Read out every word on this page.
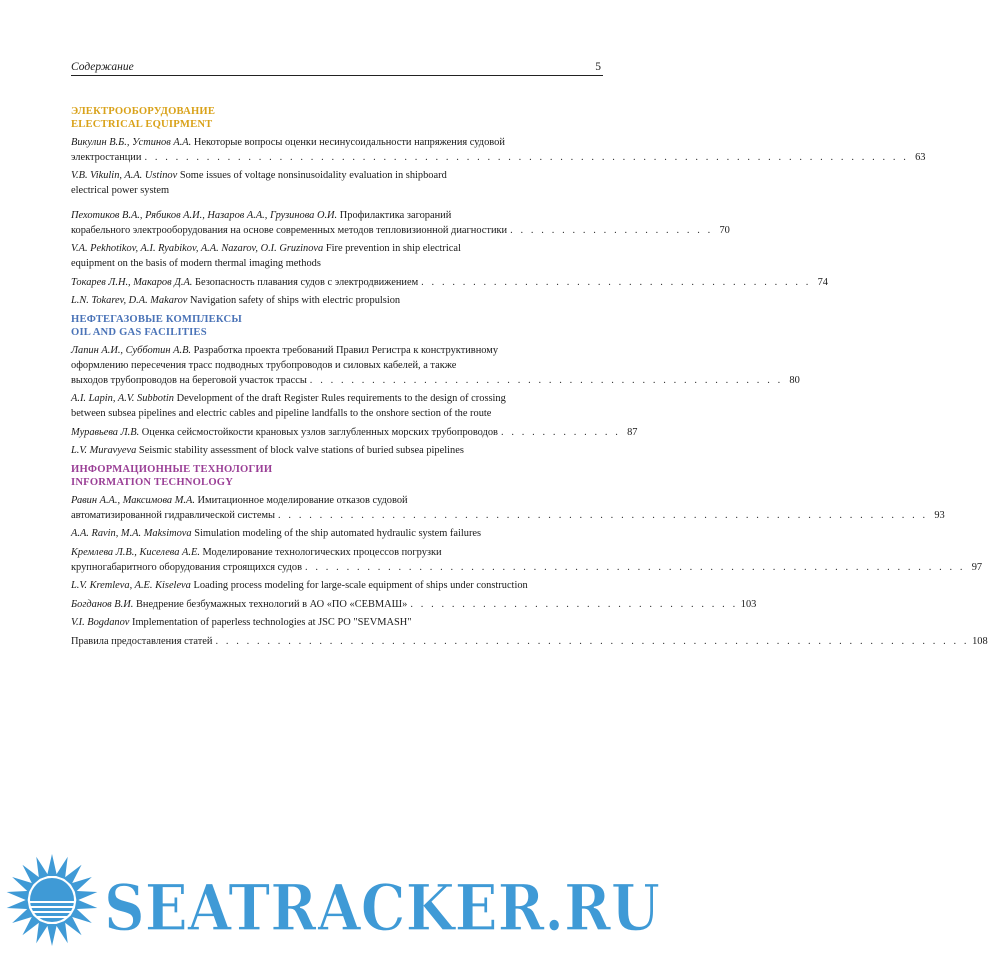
Содержание	5
ЭЛЕКТРООБОРУДОВАНИЕ
ELECTRICAL EQUIPMENT
Викулин В.Б., Устинов А.А. Некоторые вопросы оценки несинусоидальности напряжения судовой
электростанции . . . . . . . . . . . . . . . . . . . . . . . . . . . . . . . . . . . . . . . . . . . . . . . . . . . . . . . . . . . . . . . . . . . . . . . . . . 63
V.B. Vikulin, A.A. Ustinov Some issues of voltage nonsinusoidality evaluation in shipboard
electrical power system
Пехотиков В.А., Рябиков А.И., Назаров А.А., Грузинова О.И. Профилактика загораний
корабельного электрооборудования на основе современных методов тепловизионной диагностики . . . . . . . . . . . . . . . . . . . . 70
V.A. Pekhotikov, A.I. Ryabikov, A.A. Nazarov, O.I. Gruzinova Fire prevention in ship electrical
equipment on the basis of modern thermal imaging methods
Токарев Л.Н., Макаров Д.А. Безопасность плавания судов с электродвижением . . . . . . . . . . . . . . . . . . . . . . . . . . . . . . . . . . . . . . 74
L.N. Tokarev, D.A. Makarov Navigation safety of ships with electric propulsion
НЕФТЕГАЗОВЫЕ КОМПЛЕКСЫ
OIL AND GAS FACILITIES
Лапин А.И., Субботин А.В. Разработка проекта требований Правил Регистра к конструктивному
оформлению пересечения трасс подводных трубопроводов и силовых кабелей, а также
выходов трубопроводов на береговой участок трассы . . . . . . . . . . . . . . . . . . . . . . . . . . . . . . . . . . . . . . . . . . . . . . 80
A.I. Lapin, A.V. Subbotin Development of the draft Register Rules requirements to the design of crossing
between subsea pipelines and electric cables and pipeline landfalls to the onshore section of the route
Муравьева Л.В. Оценка сейсмостойкости крановых узлов заглубленных морских трубопроводов . . . . . . . . . . . . 87
L.V. Muravyeva Seismic stability assessment of block valve stations of buried subsea pipelines
ИНФОРМАЦИОННЫЕ ТЕХНОЛОГИИ
INFORMATION TECHNOLOGY
Равин А.А., Максимова М.А. Имитационное моделирование отказов судовой
автоматизированной гидравлической системы . . . . . . . . . . . . . . . . . . . . . . . . . . . . . . . . . . . . . . . . . . . . . . . . . . . . . . . . . . . . . . . 93
A.A. Ravin, M.A. Maksimova Simulation modeling of the ship automated hydraulic system failures
Кремлева Л.В., Киселева А.Е. Моделирование технологических процессов погрузки
крупногабаритного оборудования строящихся судов . . . . . . . . . . . . . . . . . . . . . . . . . . . . . . . . . . . . . . . . . . . . . . . . . . . . . . . . . . . . . . . . 97
L.V. Kremleva, A.E. Kiseleva Loading process modeling for large-scale equipment of ships under construction
Богданов В.И. Внедрение безбумажных технологий в АО «ПО «СЕВМАШ» . . . . . . . . . . . . . . . . . . . . . . . . . . . . . . . . 103
V.I. Bogdanov Implementation of paperless technologies at JSC PO "SEVMASH"
Правила предоставления статей . . . . . . . . . . . . . . . . . . . . . . . . . . . . . . . . . . . . . . . . . . . . . . . . . . . . . . . . . . . . . . . . . . . . . . . . . 108
SEATRACKER.RU
